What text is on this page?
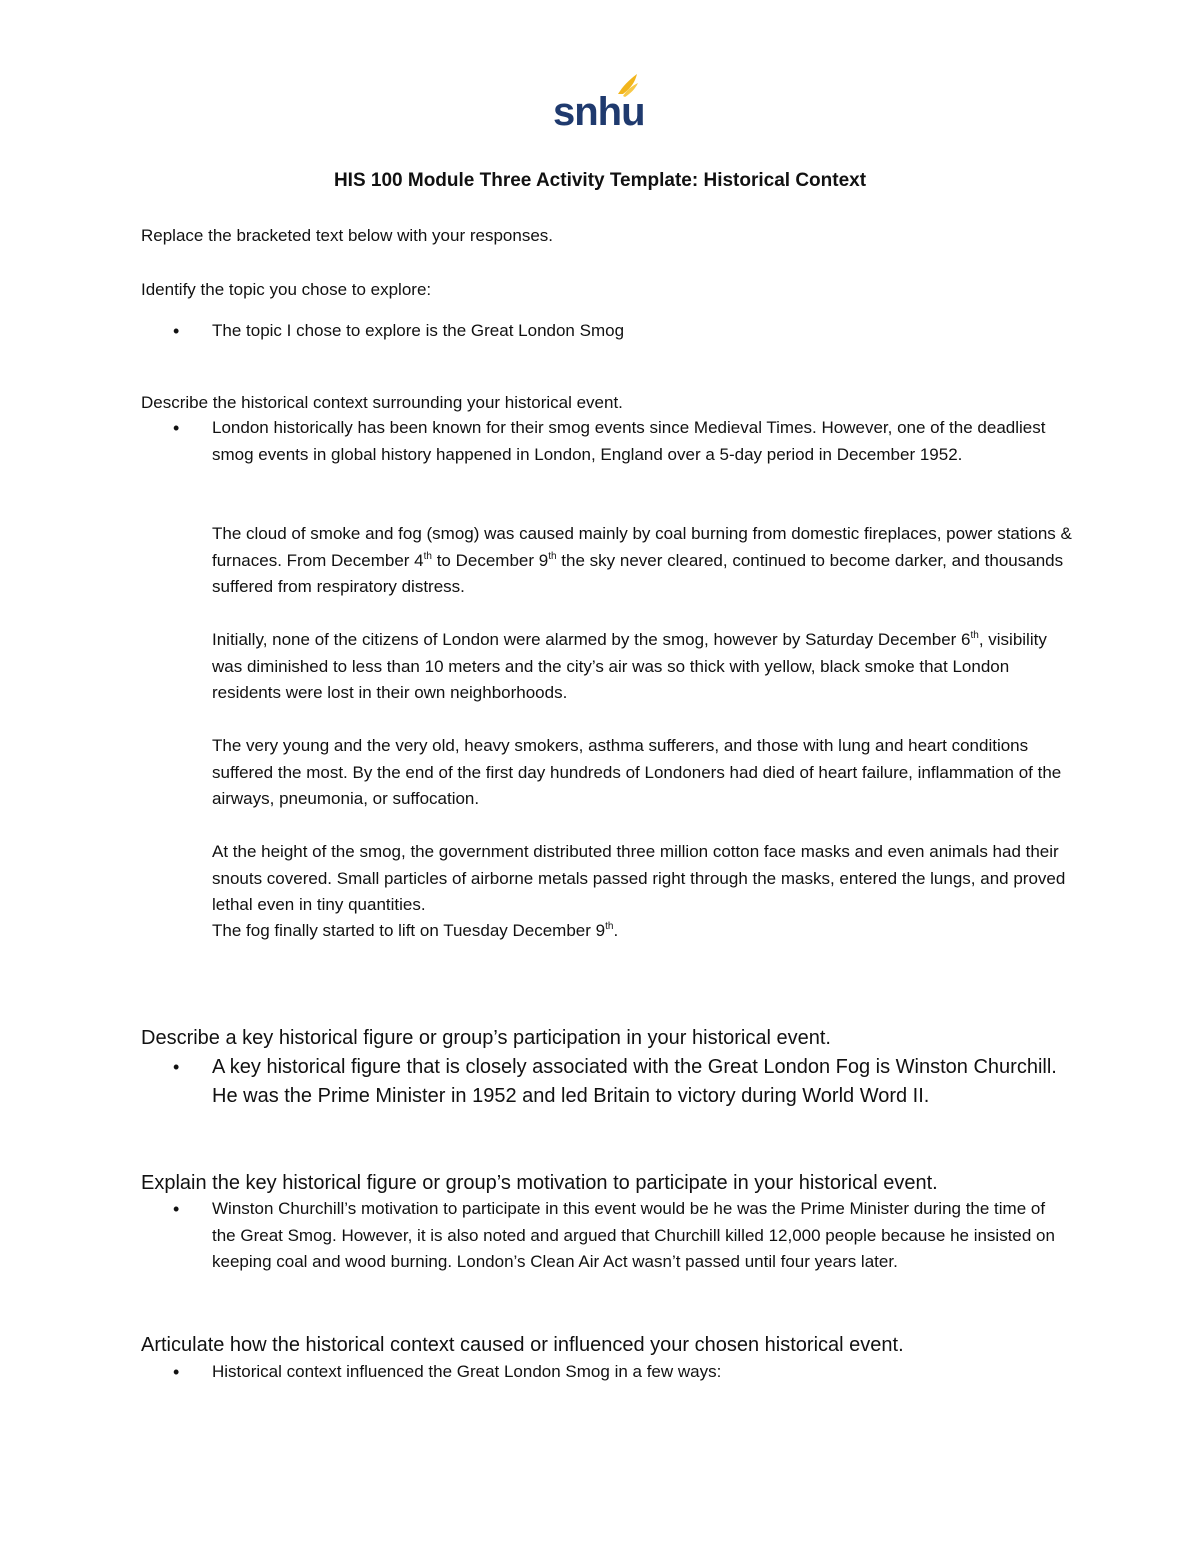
snhu
HIS 100 Module Three Activity Template: Historical Context
Replace the bracketed text below with your responses.
Identify the topic you chose to explore:
• The topic I chose to explore is the Great London Smog
Describe the historical context surrounding your historical event.
• London historically has been known for their smog events since Medieval Times. However, one of the deadliest smog events in global history happened in London, England over a 5-day period in December 1952.
The cloud of smoke and fog (smog) was caused mainly by coal burning from domestic fireplaces, power stations & furnaces. From December 4th to December 9th the sky never cleared, continued to become darker, and thousands suffered from respiratory distress.
Initially, none of the citizens of London were alarmed by the smog, however by Saturday December 6th, visibility was diminished to less than 10 meters and the city’s air was so thick with yellow, black smoke that London residents were lost in their own neighborhoods.
The very young and the very old, heavy smokers, asthma sufferers, and those with lung and heart conditions suffered the most. By the end of the first day hundreds of Londoners had died of heart failure, inflammation of the airways, pneumonia, or suffocation.
At the height of the smog, the government distributed three million cotton face masks and even animals had their snouts covered. Small particles of airborne metals passed right through the masks, entered the lungs, and proved lethal even in tiny quantities.
The fog finally started to lift on Tuesday December 9th.
Describe a key historical figure or group’s participation in your historical event.
• A key historical figure that is closely associated with the Great London Fog is Winston Churchill. He was the Prime Minister in 1952 and led Britain to victory during World Word II.
Explain the key historical figure or group’s motivation to participate in your historical event.
• Winston Churchill’s motivation to participate in this event would be he was the Prime Minister during the time of the Great Smog. However, it is also noted and argued that Churchill killed 12,000 people because he insisted on keeping coal and wood burning. London’s Clean Air Act wasn’t passed until four years later.
Articulate how the historical context caused or influenced your chosen historical event.
• Historical context influenced the Great London Smog in a few ways:
